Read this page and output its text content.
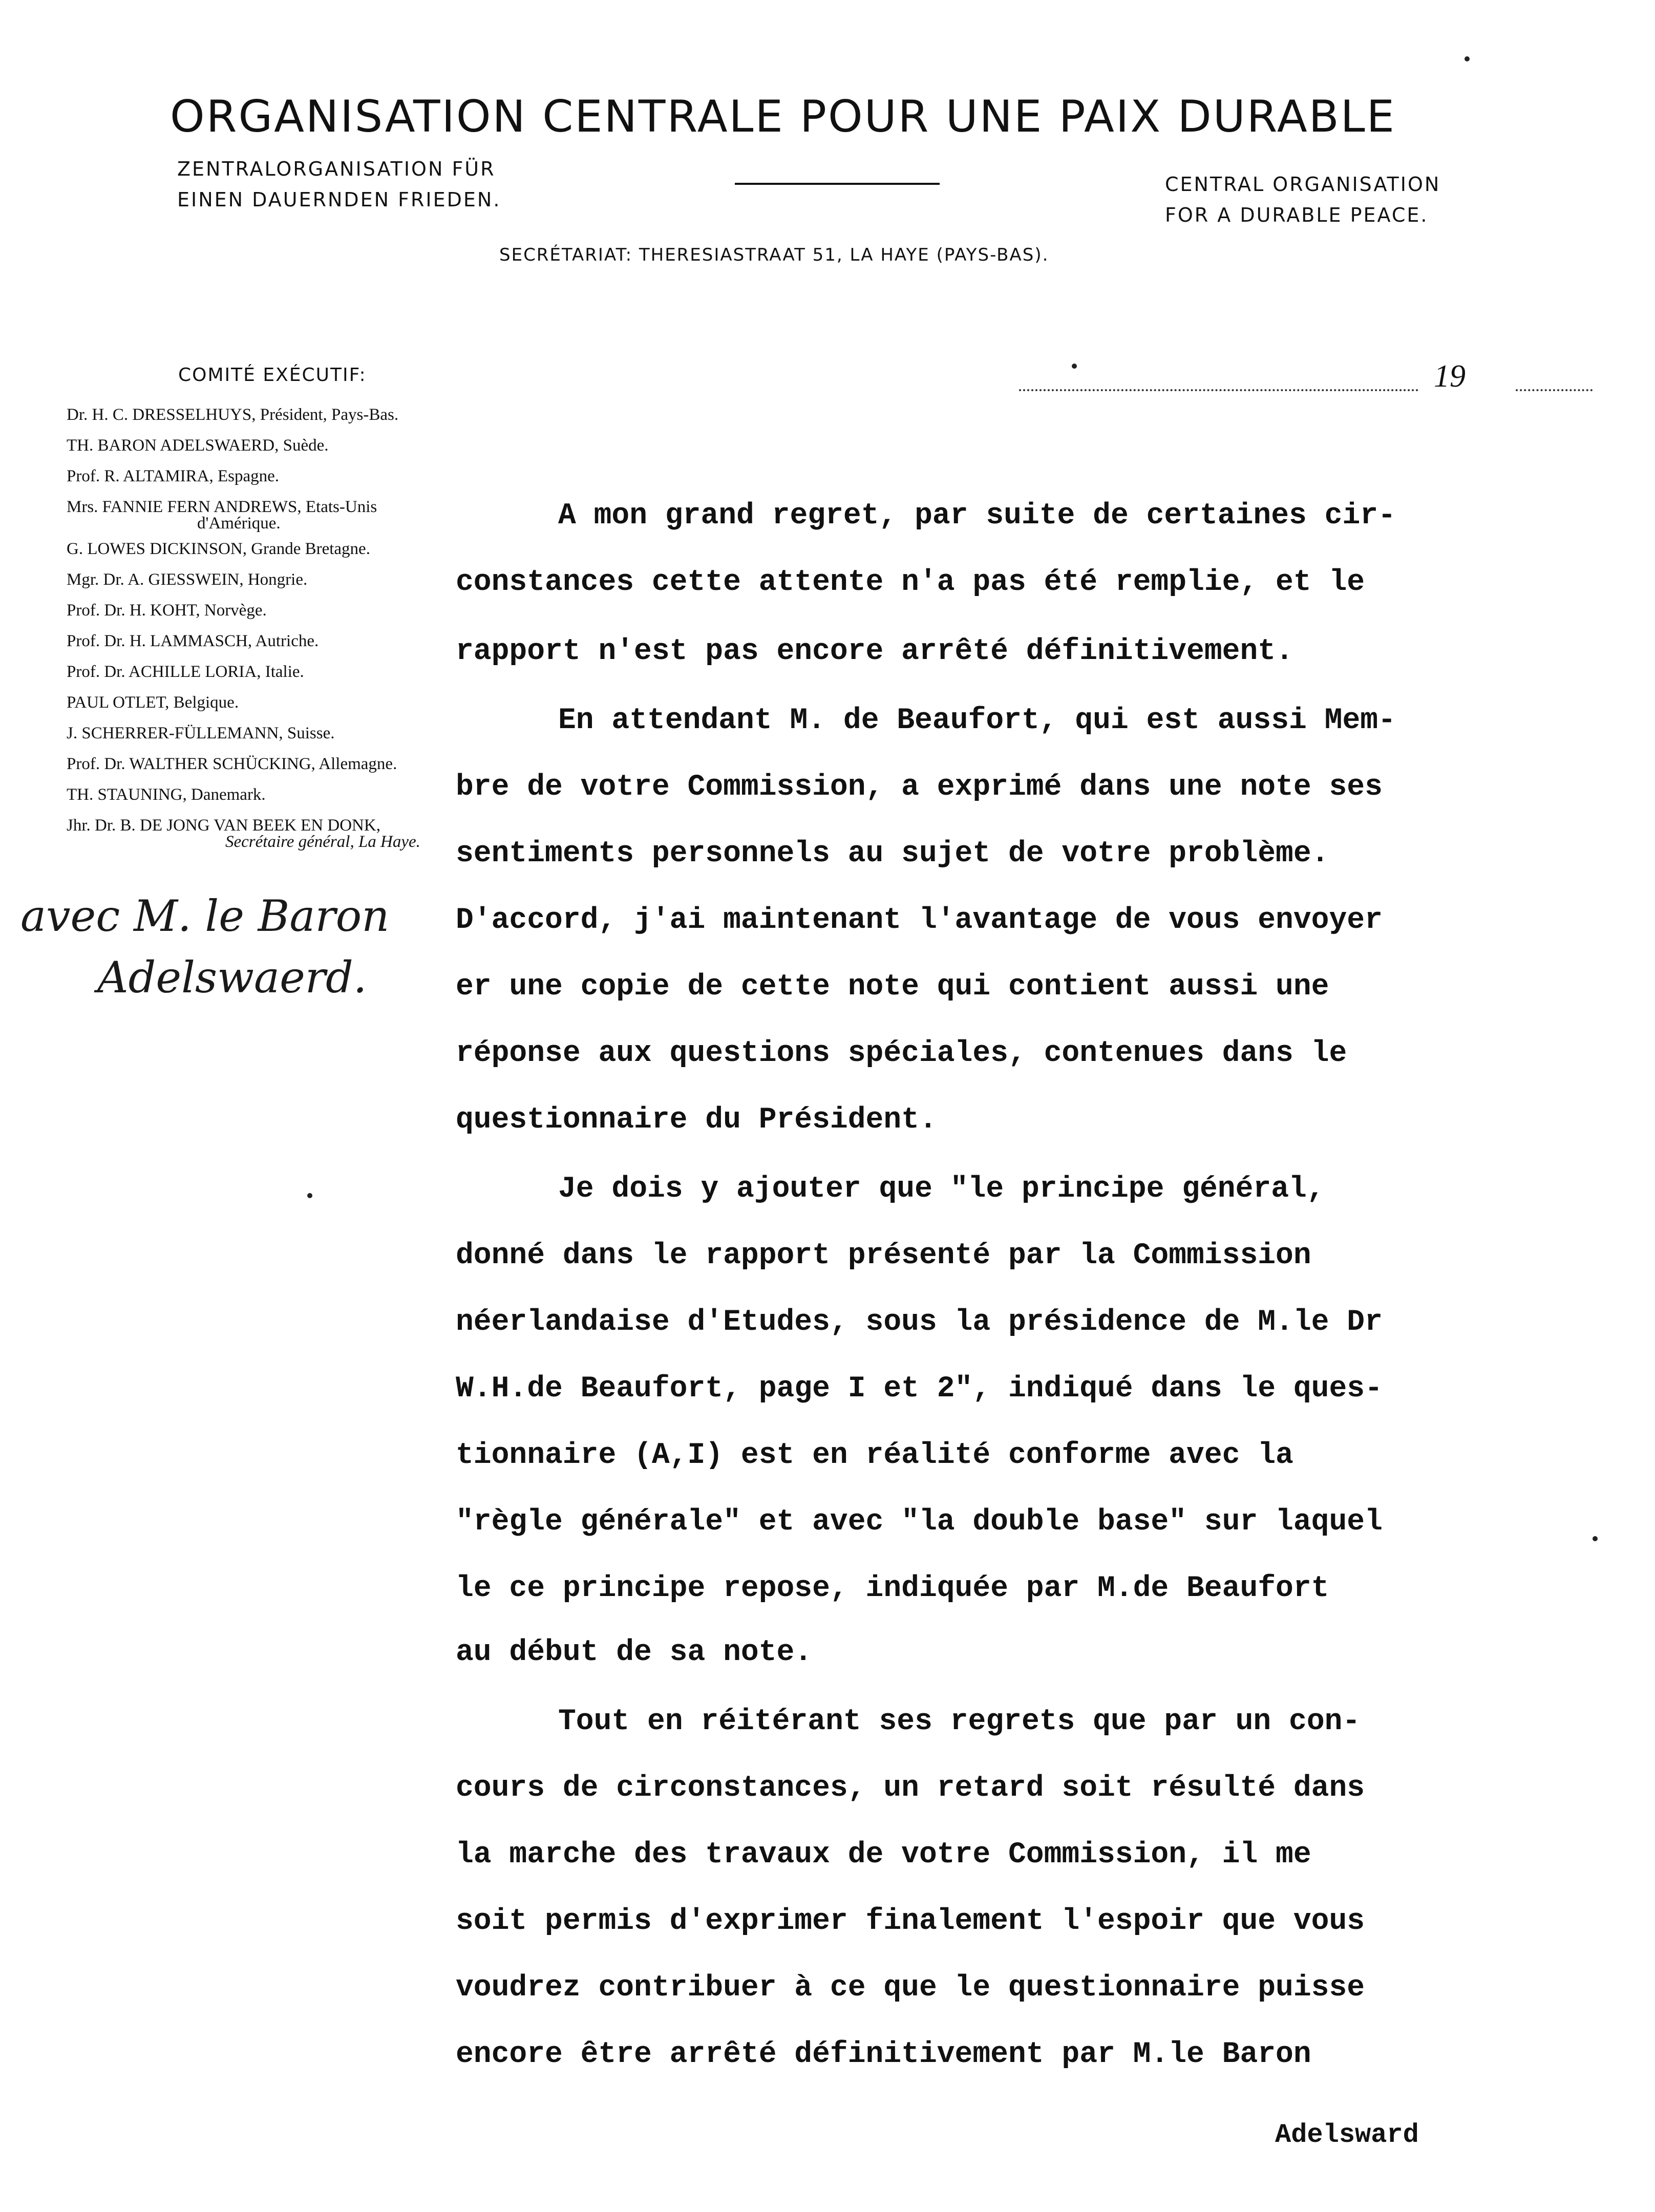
ORGANISATION CENTRALE POUR UNE PAIX DURABLE
ZENTRALORGANISATION FÜR
EINEN DAUERNDEN FRIEDEN.
CENTRAL ORGANISATION
FOR A DURABLE PEACE.
SECRÉTARIAT: THERESIASTRAAT 51, LA HAYE (PAYS-BAS).
COMITÉ EXÉCUTIF:
Dr. H. C. DRESSELHUYS, Président, Pays-Bas.
TH. BARON ADELSWAERD, Suède.
Prof. R. ALTAMIRA, Espagne.
Mrs. FANNIE FERN ANDREWS, Etats-Unis
d'Amérique.
G. LOWES DICKINSON, Grande Bretagne.
Mgr. Dr. A. GIESSWEIN, Hongrie.
Prof. Dr. H. KOHT, Norvège.
Prof. Dr. H. LAMMASCH, Autriche.
Prof. Dr. ACHILLE LORIA, Italie.
PAUL OTLET, Belgique.
J. SCHERRER-FÜLLEMANN, Suisse.
Prof. Dr. WALTHER SCHÜCKING, Allemagne.
TH. STAUNING, Danemark.
Jhr. Dr. B. DE JONG VAN BEEK EN DONK,
Secrétaire général, La Haye.
19
avec M. le Baron
Adelswaerd.
A mon grand regret, par suite de certaines cir-
constances cette attente n'a pas été remplie, et le
rapport n'est pas encore arrêté définitivement.
En attendant M. de Beaufort, qui est aussi Mem-
bre de votre Commission, a exprimé dans une note ses
sentiments personnels au sujet de votre problème.
D'accord, j'ai maintenant l'avantage de vous envoyer
er une copie de cette note qui contient aussi une
réponse aux questions spéciales, contenues dans le
questionnaire du Président.
Je dois y ajouter que "le principe général,
donné dans le rapport présenté par la Commission
néerlandaise d'Etudes, sous la présidence de M.le Dr
W.H.de Beaufort, page I et 2", indiqué dans le ques-
tionnaire (A,I) est en réalité conforme avec la
"règle générale" et avec "la double base" sur laquel
le ce principe repose, indiquée par M.de Beaufort
au début de sa note.
Tout en réitérant ses regrets que par un con-
cours de circonstances, un retard soit résulté dans
la marche des travaux de votre Commission, il me
soit permis d'exprimer finalement l'espoir que vous
voudrez contribuer à ce que le questionnaire puisse
encore être arrêté définitivement par M.le Baron
Adelsward
